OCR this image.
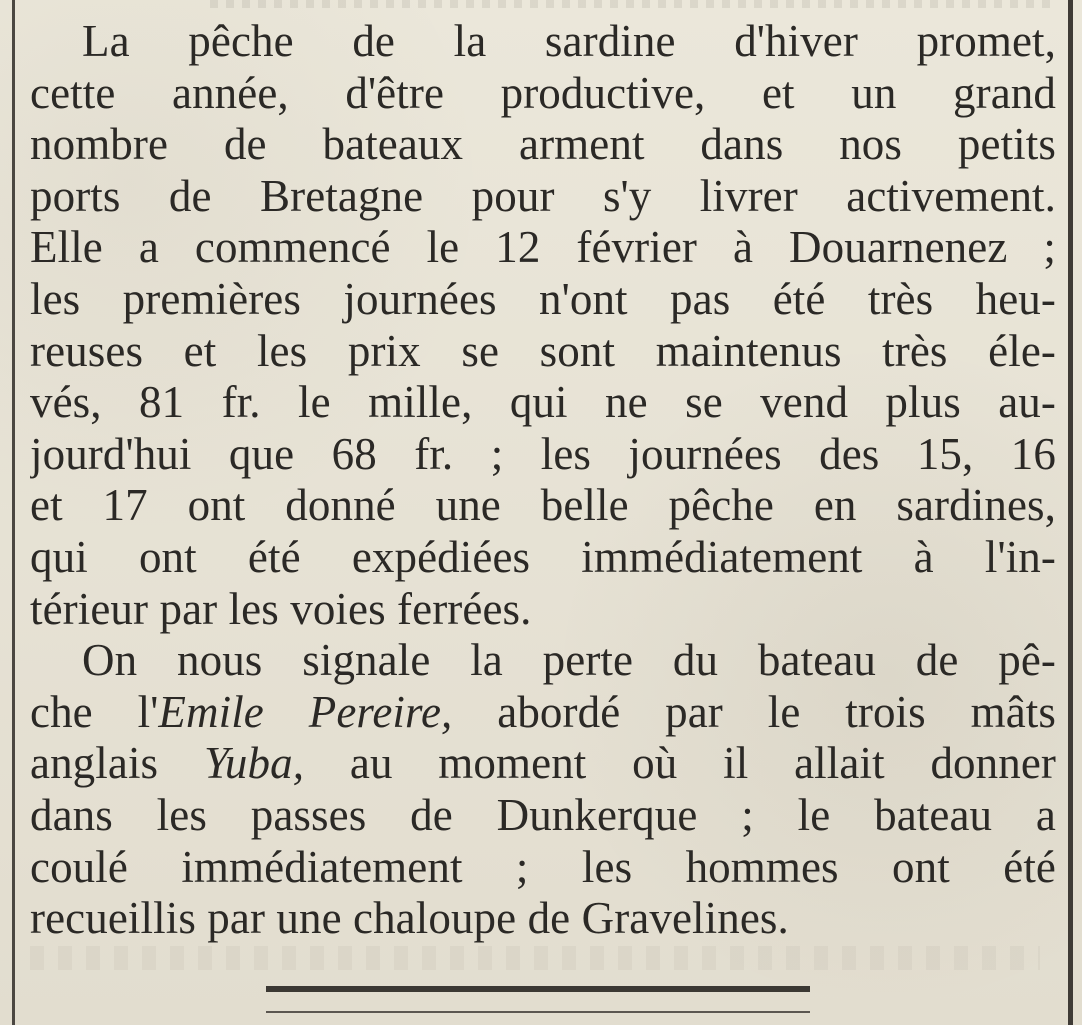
La pêche de la sardine d'hiver promet,
cette année, d'être productive, et un grand
nombre de bateaux arment dans nos petits
ports de Bretagne pour s'y livrer activement.
Elle a commencé le 12 février à Douarnenez ;
les premières journées n'ont pas été très heu-
reuses et les prix se sont maintenus très éle-
vés, 81 fr. le mille, qui ne se vend plus au-
jourd'hui que 68 fr. ; les journées des 15, 16
et 17 ont donné une belle pêche en sardines,
qui ont été expédiées immédiatement à l'in-
térieur par les voies ferrées.
On nous signale la perte du bateau de pê-
che l'Emile Pereire, abordé par le trois mâts
anglais Yuba, au moment où il allait donner
dans les passes de Dunkerque ; le bateau a
coulé immédiatement ; les hommes ont été
recueillis par une chaloupe de Gravelines.
